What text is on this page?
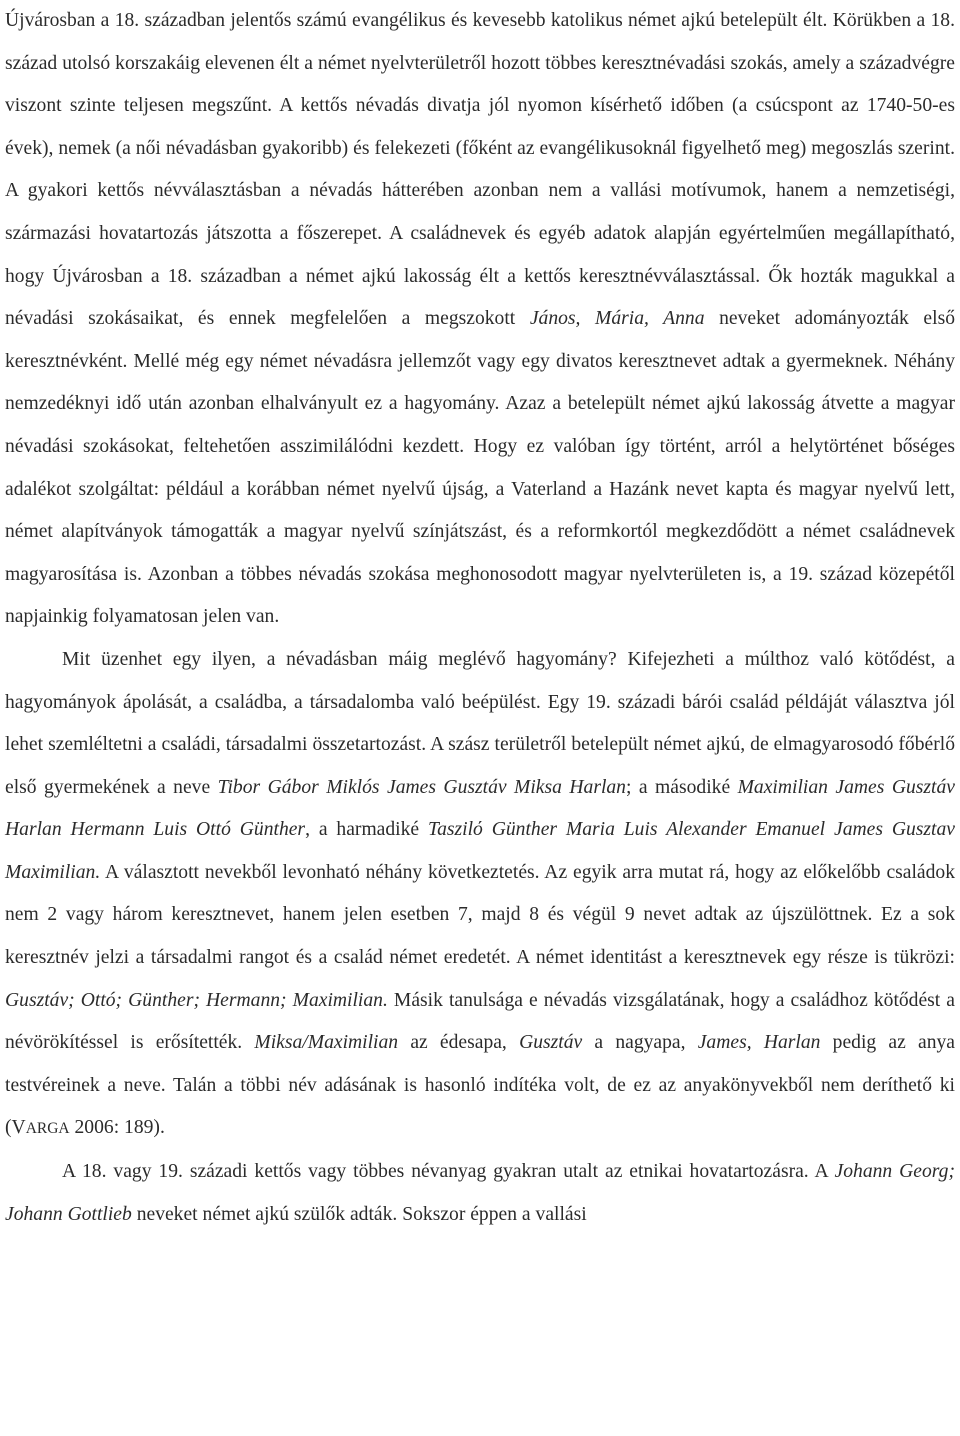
Újvárosban a 18. században jelentős számú evangélikus és kevesebb katolikus német ajkú betelepült élt. Körükben a 18. század utolsó korszakáig elevenen élt a német nyelvterületről hozott többes keresztnévadási szokás, amely a századvégre viszont szinte teljesen megszűnt. A kettős névadás divatja jól nyomon kísérhető időben (a csúcspont az 1740-50-es évek), nemek (a női névadásban gyakoribb) és felekezeti (főként az evangélikusoknál figyelhető meg) megoszlás szerint. A gyakori kettős névválasztásban a névadás hátterében azonban nem a vallási motívumok, hanem a nemzetiségi, származási hovatartozás játszotta a főszerepet. A családnevek és egyéb adatok alapján egyértelműen megállapítható, hogy Újvárosban a 18. században a német ajkú lakosság élt a kettős keresztnévválasztással. Ők hozták magukkal a névadási szokásaikat, és ennek megfelelően a megszokott János, Mária, Anna neveket adományozták első keresztnévként. Mellé még egy német névadásra jellemzőt vagy egy divatos keresztnevet adtak a gyermeknek. Néhány nemzedéknyi idő után azonban elhalványult ez a hagyomány. Azaz a betelepült német ajkú lakosság átvette a magyar névadási szokásokat, feltehetően asszimilálódni kezdett. Hogy ez valóban így történt, arról a helytörténet bőséges adalékot szolgáltat: például a korábban német nyelvű újság, a Vaterland a Hazánk nevet kapta és magyar nyelvű lett, német alapítványok támogatták a magyar nyelvű színjátszást, és a reformkortól megkezdődött a német családnevek magyarosítása is. Azonban a többes névadás szokása meghonosodott magyar nyelvterületen is, a 19. század közepétől napjainkig folyamatosan jelen van.

Mit üzenhet egy ilyen, a névadásban máig meglévő hagyomány? Kifejezheti a múlthoz való kötődést, a hagyományok ápolását, a családba, a társadalomba való beépülést. Egy 19. századi bárói család példáját választva jól lehet szemléltetni a családi, társadalmi összetartozást. A szász területről betelepült német ajkú, de elmagyarosodó főbérlő első gyermekének a neve Tibor Gábor Miklós James Gusztáv Miksa Harlan; a másodiké Maximilian James Gusztáv Harlan Hermann Luis Ottó Günther, a harmadiké Taszilό Günther Maria Luis Alexander Emanuel James Gusztav Maximilian. A választott nevekből levonható néhány következtetés. Az egyik arra mutat rá, hogy az előkelőbb családok nem 2 vagy három keresztnevet, hanem jelen esetben 7, majd 8 és végül 9 nevet adtak az újszülöttnek. Ez a sok keresztnév jelzi a társadalmi rangot és a család német eredetét. A német identitást a keresztnevek egy része is tükrözi: Gusztáv; Ottó; Günther; Hermann; Maximilian. Másik tanulsága e névadás vizsgálatának, hogy a családhoz kötődést a névörökítéssel is erősítették. Miksa/Maximilian az édesapa, Gusztáv a nagyapa, James, Harlan pedig az anya testvéreinek a neve. Talán a többi név adásának is hasonló indítéka volt, de ez az anyakönyvekből nem deríthető ki (VARGA 2006: 189).

A 18. vagy 19. századi kettős vagy többes névanyag gyakran utalt az etnikai hovatartozásra. A Johann Georg; Johann Gottlieb neveket német ajkú szülők adták. Sokszor éppen a vallási
